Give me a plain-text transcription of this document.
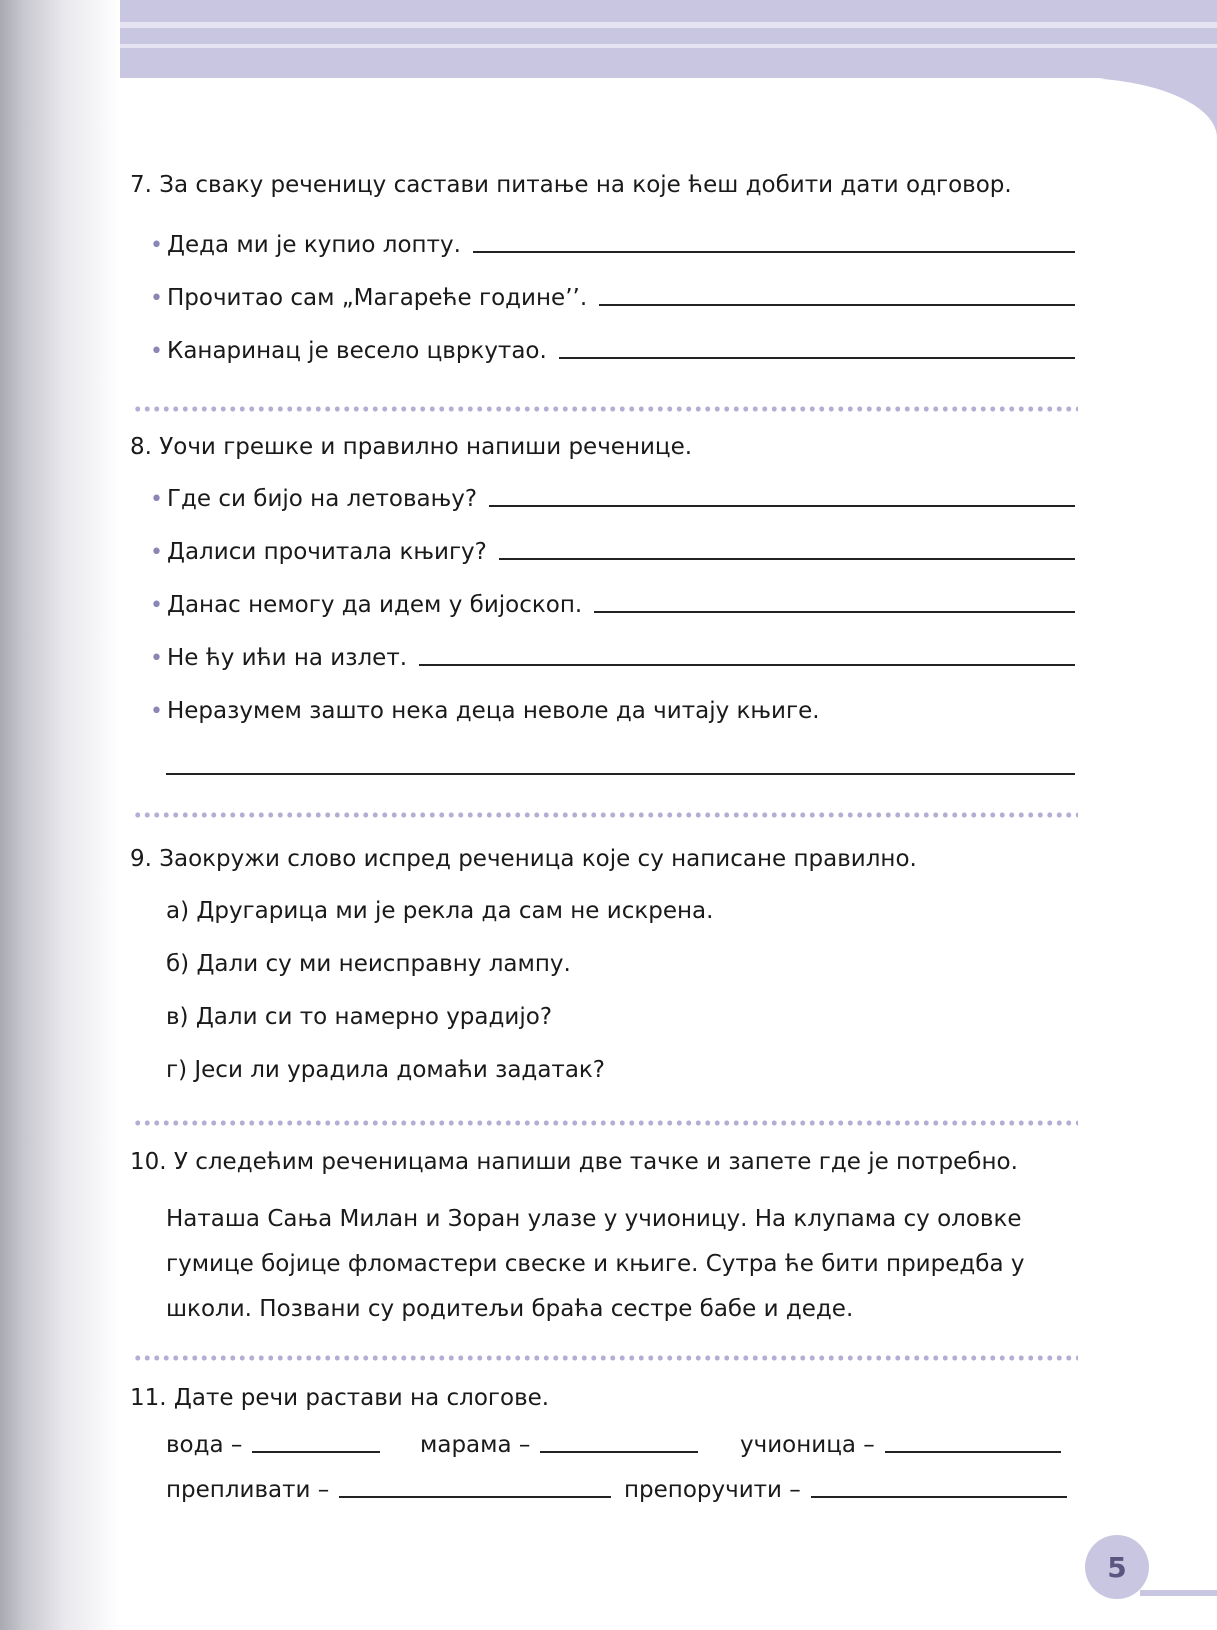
7. За сваку реченицу састави питање на које ћеш добити дати одговор.
• Деда ми је купио лопту.
• Прочитао сам „Магареће године’’.
• Канаринац је весело цвркутао.
8. Уочи грешке и правилно напиши реченице.
• Где си бијо на летовању?
• Далиси прочитала књигу?
• Данас немогу да идем у бијоскоп.
• Не ћу ићи на излет.
• Неразумем зашто нека деца неволе да читају књиге.
9. Заокружи слово испред реченица које су написане правилно.
а) Другарица ми је рекла да сам не искрена.
б) Дали су ми неисправну лампу.
в) Дали си то намерно урадијо?
г) Јеси ли урадила домаћи задатак?
10. У следећим реченицама напиши две тачке и запете где је потребно.
Наташа Сања Милан и Зоран улазе у учионицу. На клупама су оловке гумице бојице фломастери свеске и књиге. Сутра ће бити приредба у школи. Позвани су родитељи браћа сестре бабе и деде.
11. Дате речи растави на слогове.
вода –	марама –	учионица –
препливати –	препоручити –
5
